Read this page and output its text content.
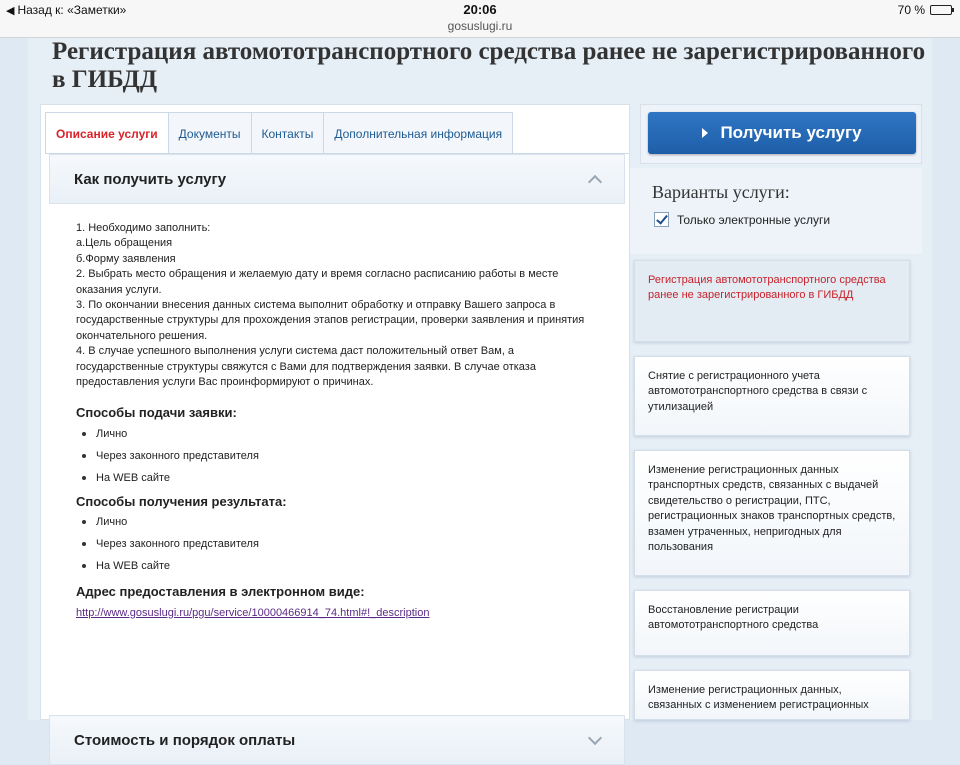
◀ Назад к: «Заметки»	20:06
gosuslugi.ru
70 %
Регистрация автомототранспортного средства ранее не зарегистрированного в ГИБДД
Описание услуги	Документы	Контакты	Дополнительная информация
Как получить услугу
1. Необходимо заполнить:
а.Цель обращения
б.Форму заявления
2. Выбрать место обращения и желаемую дату и время согласно расписанию работы в месте оказания услуги.
3. По окончании внесения данных система выполнит обработку и отправку Вашего запроса в государственные структуры для прохождения этапов регистрации, проверки заявления и принятия окончательного решения.
4. В случае успешного выполнения услуги система даст положительный ответ Вам, а государственные структуры свяжутся с Вами для подтверждения заявки. В случае отказа предоставления услуги Вас проинформируют о причинах.
Способы подачи заявки:
Лично
Через законного представителя
На WEB сайте
Способы получения результата:
Лично
Через законного представителя
На WEB сайте
Адрес предоставления в электронном виде:
http://www.gosuslugi.ru/pgu/service/10000466914_74.html#!_description
Стоимость и порядок оплаты
Получить услугу
Варианты услуги:
Только электронные услуги
Регистрация автомототранспортного средства ранее не зарегистрированного в ГИБДД
Снятие с регистрационного учета автомототранспортного средства в связи с утилизацией
Изменение регистрационных данных транспортных средств, связанных с выдачей свидетельство о регистрации, ПТС, регистрационных знаков транспортных средств, взамен утраченных, непригодных для пользования
Восстановление регистрации автомототранспортного средства
Изменение регистрационных данных, связанных с изменением регистрационных
